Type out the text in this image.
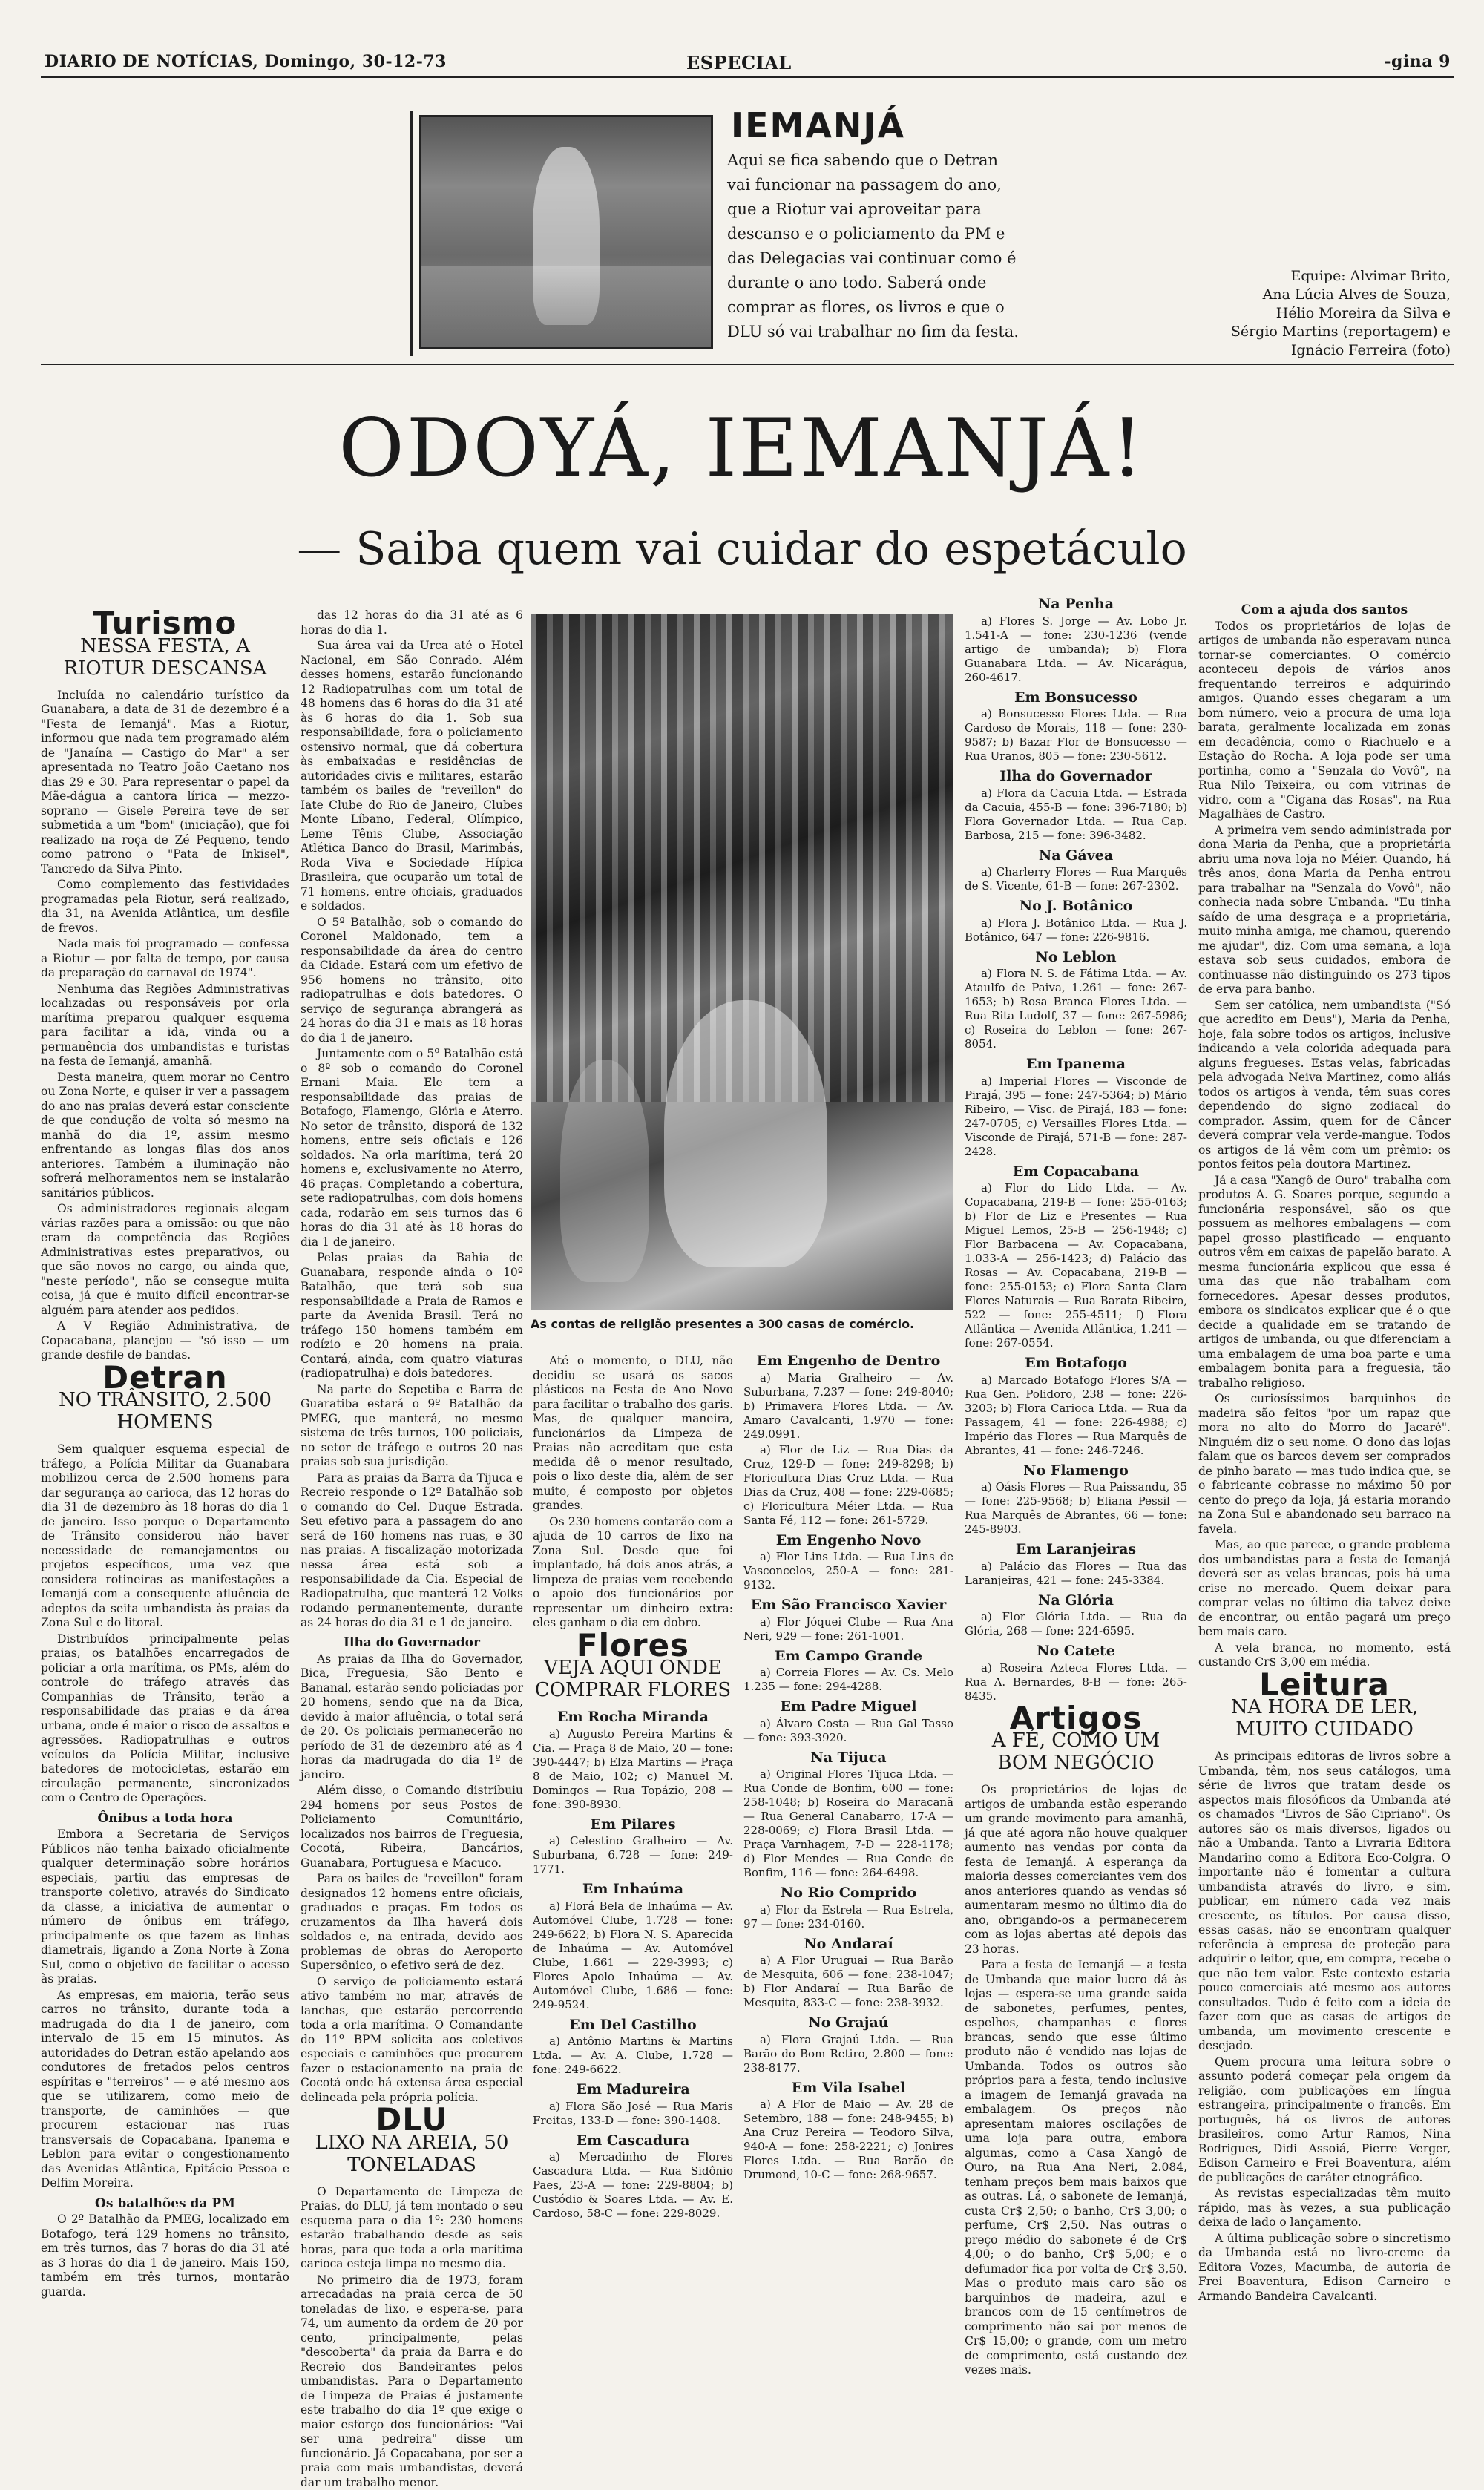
DIARIO DE NOTÍCIAS, Domingo, 30-12-73	ESPECIAL	-gina 9
IEMANJÁ
Aqui se fica sabendo que o Detran vai funcionar na passagem do ano, que a Riotur vai aproveitar para descanso e o policiamento da PM e das Delegacias vai continuar como é durante o ano todo. Saberá onde comprar as flores, os livros e que o DLU só vai trabalhar no fim da festa.
Equipe: Alvimar Brito,
Ana Lúcia Alves de Souza,
Hélio Moreira da Silva e
Sérgio Martins (reportagem) e
Ignácio Ferreira (foto)
ODOYÁ, IEMANJÁ!
— Saiba quem vai cuidar do espetáculo
Turismo
NESSA FESTA, A RIOTUR DESCANSA

Incluída no calendário turístico da Guanabara, a data de 31 de dezembro é a "Festa de Iemanjá". Mas a Riotur, informou que nada tem programado além de "Janaína — Castigo do Mar" a ser apresentada no Teatro João Caetano nos dias 29 e 30. Para representar o papel da Mãe-dágua a cantora lírica — mezzo-soprano — Gisele Pereira teve de ser submetida a um "bom" (iniciação), que foi realizado na roça de Zé Pequeno, tendo como patrono o "Pata de Inkisel", Tancredo da Silva Pinto.

Como complemento das festividades programadas pela Riotur, será realizado, dia 31, na Avenida Atlântica, um desfile de frevos.

Nada mais foi programado — confessa a Riotur — por falta de tempo, por causa da preparação do carnaval de 1974".

Nenhuma das Regiões Administrativas localizadas ou responsáveis por orla marítima preparou qualquer esquema para facilitar a ida, vinda ou a permanência dos umbandistas e turistas na festa de Iemanjá, amanhã.

Desta maneira, quem morar no Centro ou Zona Norte, e quiser ir ver a passagem do ano nas praias deverá estar consciente de que condução de volta só mesmo na manhã do dia 1º, assim mesmo enfrentando as longas filas dos anos anteriores. Também a iluminação não sofrerá melhoramentos nem se instalarão sanitários públicos.

Os administradores regionais alegam várias razões para a omissão: ou que não eram da competência das Regiões Administrativas estes preparativos, ou que são novos no cargo, ou ainda que, "neste período", não se consegue muita coisa, já que é muito difícil encontrar-se alguém para atender aos pedidos.

A V Região Administrativa, de Copacabana, planejou — "só isso — um grande desfile de bandas.

Detran
NO TRÂNSITO, 2.500 HOMENS

Sem qualquer esquema especial de tráfego, a Polícia Militar da Guanabara mobilizou cerca de 2.500 homens para dar segurança ao carioca, das 12 horas do dia 31 de dezembro às 18 horas do dia 1 de janeiro. Isso porque o Departamento de Trânsito considerou não haver necessidade de remanejamentos ou projetos específicos, uma vez que considera rotineiras as manifestações a Iemanjá com a consequente afluência de adeptos da seita umbandista às praias da Zona Sul e do litoral.

Distribuídos principalmente pelas praias, os batalhões encarregados de policiar a orla marítima, os PMs, além do controle do tráfego através das Companhias de Trânsito, terão a responsabilidade das praias e da área urbana, onde é maior o risco de assaltos e agressões. Radiopatrulhas e outros veículos da Polícia Militar, inclusive batedores de motocicletas, estarão em circulação permanente, sincronizados com o Centro de Operações.

Ônibus a toda hora

Embora a Secretaria de Serviços Públicos não tenha baixado oficialmente qualquer determinação sobre horários especiais, partiu das empresas de transporte coletivo, através do Sindicato da classe, a iniciativa de aumentar o número de ônibus em tráfego, principalmente os que fazem as linhas diametrais, ligando a Zona Norte à Zona Sul, como o objetivo de facilitar o acesso às praias.

As empresas, em maioria, terão seus carros no trânsito, durante toda a madrugada do dia 1 de janeiro, com intervalo de 15 em 15 minutos. As autoridades do Detran estão apelando aos condutores de fretados pelos centros espíritas e "terreiros" — e até mesmo aos que se utilizarem, como meio de transporte, de caminhões — que procurem estacionar nas ruas transversais de Copacabana, Ipanema e Leblon para evitar o congestionamento das Avenidas Atlântica, Epitácio Pessoa e Delfim Moreira.

Os batalhões da PM

O 2º Batalhão da PMEG, localizado em Botafogo, terá 129 homens no trânsito, em três turnos, das 7 horas do dia 31 até as 3 horas do dia 1 de janeiro. Mais 150, também em três turnos, montarão guarda.

das 12 horas do dia 31 até as 6 horas do dia 1.

Sua área vai da Urca até o Hotel Nacional, em São Conrado. Além desses homens, estarão funcionando 12 Radiopatrulhas com um total de 48 homens das 6 horas do dia 31 até às 6 horas do dia 1. Sob sua responsabilidade, fora o policiamento ostensivo normal, que dá cobertura às embaixadas e residências de autoridades civis e militares, estarão também os bailes de "reveillon" do Iate Clube do Rio de Janeiro, Clubes Monte Líbano, Federal, Olímpico, Leme Tênis Clube, Associação Atlética Banco do Brasil, Marimbás, Roda Viva e Sociedade Hípica Brasileira, que ocuparão um total de 71 homens, entre oficiais, graduados e soldados.

O 5º Batalhão, sob o comando do Coronel Maldonado, tem a responsabilidade da área do centro da Cidade. Estará com um efetivo de 956 homens no trânsito, oito radiopatrulhas e dois batedores. O serviço de segurança abrangerá as 24 horas do dia 31 e mais as 18 horas do dia 1 de janeiro.

Juntamente com o 5º Batalhão está o 8º sob o comando do Coronel Ernani Maia. Ele tem a responsabilidade das praias de Botafogo, Flamengo, Glória e Aterro. No setor de trânsito, disporá de 132 homens, entre seis oficiais e 126 soldados. Na orla marítima, terá 20 homens e, exclusivamente no Aterro, 46 praças. Completando a cobertura, sete radiopatrulhas, com dois homens cada, rodarão em seis turnos das 6 horas do dia 31 até às 18 horas do dia 1 de janeiro.

Pelas praias da Bahia de Guanabara, responde ainda o 10º Batalhão, que terá sob sua responsabilidade a Praia de Ramos e parte da Avenida Brasil. Terá no tráfego 150 homens também em rodízio e 20 homens na praia. Contará, ainda, com quatro viaturas (radiopatrulha) e dois batedores.

Na parte do Sepetiba e Barra de Guaratiba estará o 9º Batalhão da PMEG, que manterá, no mesmo sistema de três turnos, 100 policiais, no setor de tráfego e outros 20 nas praias sob sua jurisdição.

Para as praias da Barra da Tijuca e Recreio responde o 12º Batalhão sob o comando do Cel. Duque Estrada. Seu efetivo para a passagem do ano será de 160 homens nas ruas, e 30 nas praias. A fiscalização motorizada nessa área está sob a responsabilidade da Cia. Especial de Radiopatrulha, que manterá 12 Volks rodando permanentemente, durante as 24 horas do dia 31 e 1 de janeiro.

Ilha do Governador

As praias da Ilha do Governador, Bica, Freguesia, São Bento e Bananal, estarão sendo policiadas por 20 homens, sendo que na da Bica, devido à maior afluência, o total será de 20. Os policiais permanecerão no período de 31 de dezembro até as 4 horas da madrugada do dia 1º de janeiro.

Além disso, o Comando distribuiu 294 homens por seus Postos de Policiamento Comunitário, localizados nos bairros de Freguesia, Cocotá, Ribeira, Bancários, Guanabara, Portuguesa e Macuco.

Para os bailes de "reveillon" foram designados 12 homens entre oficiais, graduados e praças. Em todos os cruzamentos da Ilha haverá dois soldados e, na entrada, devido aos problemas de obras do Aeroporto Supersônico, o efetivo será de dez.

O serviço de policiamento estará ativo também no mar, através de lanchas, que estarão percorrendo toda a orla marítima. O Comandante do 11º BPM solicita aos coletivos especiais e caminhões que procurem fazer o estacionamento na praia de Cocotá onde há extensa área especial delineada pela própria polícia.

DLU
LIXO NA AREIA, 50 TONELADAS

O Departamento de Limpeza de Praias, do DLU, já tem montado o seu esquema para o dia 1º: 230 homens estarão trabalhando desde as seis horas, para que toda a orla marítima carioca esteja limpa no mesmo dia.

No primeiro dia de 1973, foram arrecadadas na praia cerca de 50 toneladas de lixo, e espera-se, para 74, um aumento da ordem de 20 por cento, principalmente, pelas "descoberta" da praia da Barra e do Recreio dos Bandeirantes pelos umbandistas. Para o Departamento de Limpeza de Praias é justamente este trabalho do dia 1º que exige o maior esforço dos funcionários: "Vai ser uma pedreira" disse um funcionário. Já Copacabana, por ser a praia com mais umbandistas, deverá dar um trabalho menor.

As contas de religião presentes a 300 casas de comércio.

Até o momento, o DLU, não decidiu se usará os sacos plásticos na Festa de Ano Novo para facilitar o trabalho dos garis. Mas, de qualquer maneira, funcionários da Limpeza de Praias não acreditam que esta medida dê o menor resultado, pois o lixo deste dia, além de ser muito, é composto por objetos grandes.

Os 230 homens contarão com a ajuda de 10 carros de lixo na Zona Sul. Desde que foi implantado, há dois anos atrás, a limpeza de praias vem recebendo o apoio dos funcionários por representar um dinheiro extra: eles ganham o dia em dobro.

Flores
VEJA AQUI ONDE COMPRAR FLORES
Em Rocha Miranda

a) Augusto Pereira Martins & Cia. — Praça 8 de Maio, 20 — fone: 390-4447; b) Elza Martins — Praça 8 de Maio, 102; c) Manuel M. Domingos — Rua Topázio, 208 — fone: 390-8930.

Em Pilares

a) Celestino Gralheiro — Av. Suburbana, 6.728 — fone: 249-1771.

Em Inhaúma

a) Florá Bela de Inhaúma — Av. Automóvel Clube, 1.728 — fone: 249-6622; b) Flora N. S. Aparecida de Inhaúma — Av. Automóvel Clube, 1.661 — 229-3993; c) Flores Apolo Inhaúma — Av. Automóvel Clube, 1.686 — fone: 249-9524.

Em Del Castilho

a) Antônio Martins & Martins Ltda. — Av. A. Clube, 1.728 — fone: 249-6622.

Em Madureira

a) Flora São José — Rua Maris Freitas, 133-D — fone: 390-1408.

Em Cascadura

a) Mercadinho de Flores Cascadura Ltda. — Rua Sidônio Paes, 23-A — fone: 229-8804; b) Custódio & Soares Ltda. — Av. E. Cardoso, 58-C — fone: 229-8029.

Em Engenho de Dentro

a) Maria Gralheiro — Av. Suburbana, 7.237 — fone: 249-8040; b) Primavera Flores Ltda. — Av. Amaro Cavalcanti, 1.970 — fone: 249.0991.

a) Flor de Liz — Rua Dias da Cruz, 129-D — fone: 249-8298; b) Floricultura Dias Cruz Ltda. — Rua Dias da Cruz, 408 — fone: 229-0685; c) Floricultura Méier Ltda. — Rua Santa Fé, 112 — fone: 261-5729.

Em Engenho Novo

a) Flor Lins Ltda. — Rua Lins de Vasconcelos, 250-A — fone: 281-9132.

Em São Francisco Xavier

a) Flor Jóquei Clube — Rua Ana Neri, 929 — fone: 261-1001.

Em Campo Grande

a) Correia Flores — Av. Cs. Melo 1.235 — fone: 294-4288.

Em Padre Miguel

a) Álvaro Costa — Rua Gal Tasso — fone: 393-3920.

Na Tijuca

a) Original Flores Tijuca Ltda. — Rua Conde de Bonfim, 600 — fone: 258-1048; b) Roseira do Maracanã — Rua General Canabarro, 17-A — 228-0069; c) Flora Brasil Ltda. — Praça Varnhagem, 7-D — 228-1178; d) Flor Mendes — Rua Conde de Bonfim, 116 — fone: 264-6498.

No Rio Comprido

a) Flor da Estrela — Rua Estrela, 97 — fone: 234-0160.

No Andaraí

a) A Flor Uruguai — Rua Barão de Mesquita, 606 — fone: 238-1047; b) Flor Andaraí — Rua Barão de Mesquita, 833-C — fone: 238-3932.

No Grajaú

a) Flora Grajaú Ltda. — Rua Barão do Bom Retiro, 2.800 — fone: 238-8177.

Em Vila Isabel

a) A Flor de Maio — Av. 28 de Setembro, 188 — fone: 248-9455; b) Ana Cruz Pereira — Teodoro Silva, 940-A — fone: 258-2221; c) Jonires Flores Ltda. — Rua Barão de Drumond, 10-C — fone: 268-9657.

Na Penha

a) Flores S. Jorge — Av. Lobo Jr. 1.541-A — fone: 230-1236 (vende artigo de umbanda); b) Flora Guanabara Ltda. — Av. Nicarágua, 260-4617.

Em Bonsucesso

a) Bonsucesso Flores Ltda. — Rua Cardoso de Morais, 118 — fone: 230-9587; b) Bazar Flor de Bonsucesso — Rua Uranos, 805 — fone: 230-5612.

Ilha do Governador

a) Flora da Cacuia Ltda. — Estrada da Cacuia, 455-B — fone: 396-7180; b) Flora Governador Ltda. — Rua Cap. Barbosa, 215 — fone: 396-3482.

Na Gávea

a) Charlerry Flores — Rua Marquês de S. Vicente, 61-B — fone: 267-2302.

No J. Botânico

a) Flora J. Botânico Ltda. — Rua J. Botânico, 647 — fone: 226-9816.

No Leblon

a) Flora N. S. de Fátima Ltda. — Av. Ataulfo de Paiva, 1.261 — fone: 267-1653; b) Rosa Branca Flores Ltda. — Rua Rita Ludolf, 37 — fone: 267-5986; c) Roseira do Leblon — fone: 267-8054.

Em Ipanema

a) Imperial Flores — Visconde de Pirajá, 395 — fone: 247-5364; b) Mário Ribeiro, — Visc. de Pirajá, 183 — fone: 247-0705; c) Versailles Flores Ltda. — Visconde de Pirajá, 571-B — fone: 287-2428.

Em Copacabana

a) Flor do Lido Ltda. — Av. Copacabana, 219-B — fone: 255-0163; b) Flor de Liz e Presentes — Rua Miguel Lemos, 25-B — 256-1948; c) Flor Barbacena — Av. Copacabana, 1.033-A — 256-1423; d) Palácio das Rosas — Av. Copacabana, 219-B — fone: 255-0153; e) Flora Santa Clara Flores Naturais — Rua Barata Ribeiro, 522 — fone: 255-4511; f) Flora Atlântica — Avenida Atlântica, 1.241 — fone: 267-0554.

Em Botafogo

a) Marcado Botafogo Flores S/A — Rua Gen. Polidoro, 238 — fone: 226-3203; b) Flora Carioca Ltda. — Rua da Passagem, 41 — fone: 226-4988; c) Império das Flores — Rua Marquês de Abrantes, 41 — fone: 246-7246.

No Flamengo

a) Oásis Flores — Rua Paissandu, 35 — fone: 225-9568; b) Eliana Pessil — Rua Marquês de Abrantes, 66 — fone: 245-8903.

Em Laranjeiras

a) Palácio das Flores — Rua das Laranjeiras, 421 — fone: 245-3384.

Na Glória

a) Flor Glória Ltda. — Rua da Glória, 268 — fone: 224-6595.

No Catete

a) Roseira Azteca Flores Ltda. — Rua A. Bernardes, 8-B — fone: 265-8435.

Artigos
A FÉ, COMO UM BOM NEGÓCIO

Os proprietários de lojas de artigos de umbanda estão esperando um grande movimento para amanhã, já que até agora não houve qualquer aumento nas vendas por conta da festa de Iemanjá. A esperança da maioria desses comerciantes vem dos anos anteriores quando as vendas só aumentaram mesmo no último dia do ano, obrigando-os a permanecerem com as lojas abertas até depois das 23 horas.

Para a festa de Iemanjá — a festa de Umbanda que maior lucro dá às lojas — espera-se uma grande saída de sabonetes, perfumes, pentes, espelhos, champanhas e flores brancas, sendo que esse último produto não é vendido nas lojas de Umbanda. Todos os outros são próprios para a festa, tendo inclusive a imagem de Iemanjá gravada na embalagem. Os preços não apresentam maiores oscilações de uma loja para outra, embora algumas, como a Casa Xangô de Ouro, na Rua Ana Neri, 2.084, tenham preços bem mais baixos que as outras. Lá, o sabonete de Iemanjá, custa Cr$ 2,50; o banho, Cr$ 3,00; o perfume, Cr$ 2,50. Nas outras o preço médio do sabonete é de Cr$ 4,00; o do banho, Cr$ 5,00; e o defumador fica por volta de Cr$ 3,50. Mas o produto mais caro são os barquinhos de madeira, azul e brancos com de 15 centímetros de comprimento não sai por menos de Cr$ 15,00; o grande, com um metro de comprimento, está custando dez vezes mais.

Com a ajuda dos santos

Todos os proprietários de lojas de artigos de umbanda não esperavam nunca tornar-se comerciantes. O comércio aconteceu depois de vários anos frequentando terreiros e adquirindo amigos. Quando esses chegaram a um bom número, veio a procura de uma loja barata, geralmente localizada em zonas em decadência, como o Riachuelo e a Estação do Rocha. A loja pode ser uma portinha, como a "Senzala do Vovô", na Rua Nilo Teixeira, ou com vitrinas de vidro, com a "Ciganа das Rosas", na Rua Magalhães de Castro.

A primeira vem sendo administrada por dona Maria da Penha, que a proprietária abriu uma nova loja no Méier. Quando, há três anos, dona Maria da Penha entrou para trabalhar na "Senzala do Vovô", não conhecia nada sobre Umbanda. "Eu tinha saído de uma desgraça e a proprietária, muito minha amiga, me chamou, querendo me ajudar", diz. Com uma semana, a loja estava sob seus cuidados, embora de continuasse não distinguindo os 273 tipos de erva para banho.

Sem ser católica, nem umbandista ("Só que acredito em Deus"), Maria da Penha, hoje, fala sobre todos os artigos, inclusive indicando a vela colorida adequada para alguns fregueses. Estas velas, fabricadas pela advogada Neiva Martinez, como aliás todos os artigos à venda, têm suas cores dependendo do signo zodiacal do comprador. Assim, quem for de Câncer deverá comprar vela verde-mangue. Todos os artigos de lá vêm com um prêmio: os pontos feitos pela doutora Martinez.

Já a casa "Xangô de Ouro" trabalha com produtos A. G. Soares porque, segundo a funcionária responsável, são os que possuem as melhores embalagens — com papel grosso plastificado — enquanto outros vêm em caixas de papelão barato. A mesma funcionária explicou que essa é uma das que não trabalham com fornecedores. Apesar desses produtos, embora os sindicatos explicar que é o que decide a qualidade em se tratando de artigos de umbanda, ou que diferenciam a uma embalagem de uma boa parte e uma embalagem bonita para a freguesia, tão trabalho religioso.

Os curiosíssimos barquinhos de madeira são feitos "por um rapaz que mora no alto do Morro do Jacaré". Ninguém diz o seu nome. O dono das lojas falam que os barcos devem ser comprados de pinho barato — mas tudo indica que, se o fabricante cobrasse no máximo 50 por cento do preço da loja, já estaria morando na Zona Sul e abandonado seu barraco na favela.

Mas, ao que parece, o grande problema dos umbandistas para a festa de Iemanjá deverá ser as velas brancas, pois há uma crise no mercado. Quem deixar para comprar velas no último dia talvez deixe de encontrar, ou então pagará um preço bem mais caro.

A vela branca, no momento, está custando Cr$ 3,00 em média.

Leitura
NA HORA DE LER, MUITO CUIDADO

As principais editoras de livros sobre a Umbanda, têm, nos seus catálogos, uma série de livros que tratam desde os aspectos mais filosóficos da Umbanda até os chamados "Livros de São Cipriano". Os autores são os mais diversos, ligados ou não a Umbanda. Tanto a Livraria Editora Mandarino como a Editora Eco-Colgra. O importante não é fomentar a cultura umbandista através do livro, e sim, publicar, em número cada vez mais crescente, os títulos. Por causa disso, essas casas, não se encontram qualquer referência à empresa de proteção para adquirir o leitor, que, em compra, recebe o que não tem valor. Este contexto estaria pouco comerciais até mesmo aos autores consultados. Tudo é feito com a ideia de fazer com que as casas de artigos de umbanda, um movimento crescente e desejado.

Quem procura uma leitura sobre o assunto poderá começar pela origem da religião, com publicações em língua estrangeira, principalmente o francês. Em português, há os livros de autores brasileiros, como Artur Ramos, Nina Rodrigues, Didi Assoiá, Pierre Verger, Edison Carneiro e Frei Boaventura, além de publicações de caráter etnográfico.

As revistas especializadas têm muito rápido, mas às vezes, a sua publicação deixa de lado o lançamento.

A última publicação sobre o sincretismo da Umbanda está no livro-creme da Editora Vozes, Macumba, de autoria de Frei Boaventura, Edison Carneiro e Armando Bandeira Cavalcanti.
